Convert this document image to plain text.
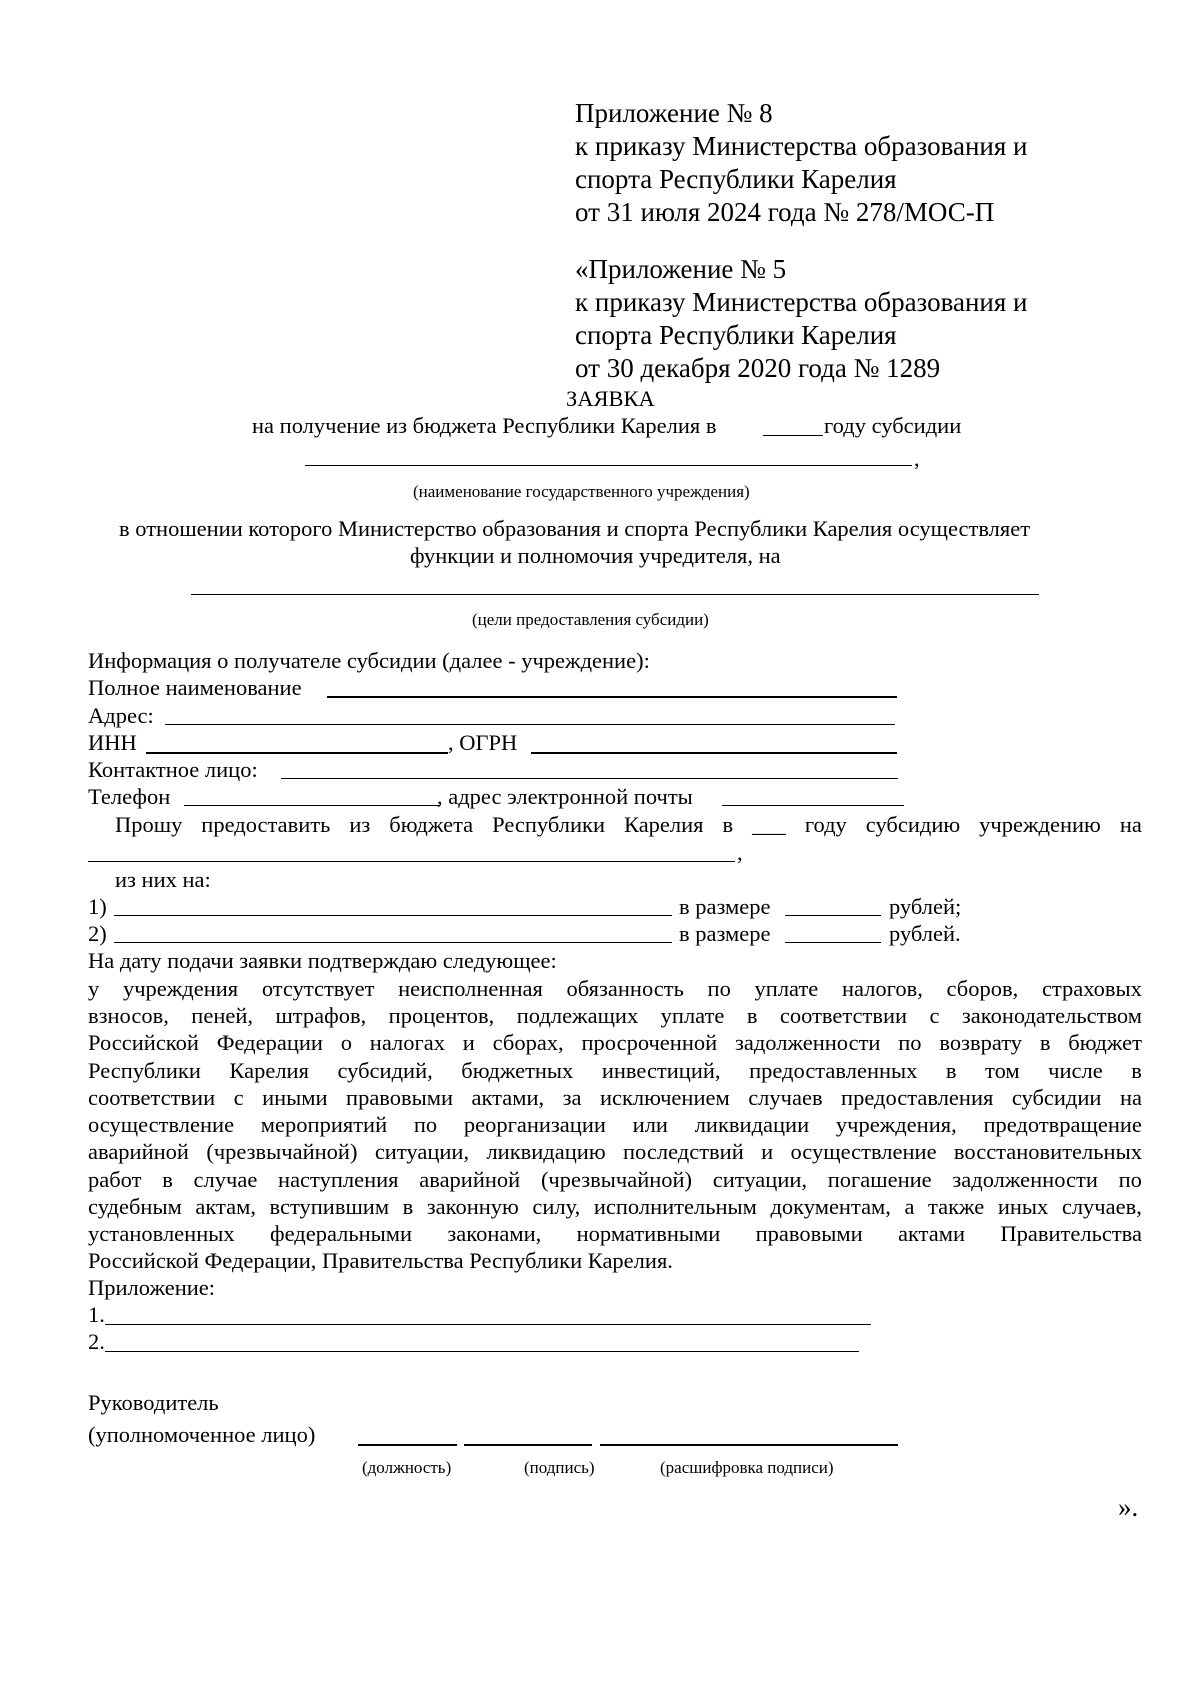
Приложение № 8
к приказу Министерства образования и
спорта Республики Карелия
от 31 июля 2024 года № 278/МОС-П
«Приложение № 5
к приказу Министерства образования и
спорта Республики Карелия
от 30 декабря 2020 года № 1289
ЗАЯВКА
на получение из бюджета Республики Карелия в	году субсидии
,
(наименование государственного учреждения)
в отношении которого Министерство образования и спорта Республики Карелия осуществляет
функции и полномочия учредителя, на
(цели предоставления субсидии)
Информация о получателе субсидии (далее - учреждение):
Полное наименование
Адрес:
ИНН	, ОГРН
Контактное лицо:
Телефон	, адрес электронной почты
Прошу предоставить из бюджета Республики Карелия в ___ году субсидию учреждению на
,
из них на:
1)	в размере	рублей;
2)	в размере	рублей.
На дату подачи заявки подтверждаю следующее:
у учреждения отсутствует неисполненная обязанность по уплате налогов, сборов, страховых
взносов, пеней, штрафов, процентов, подлежащих уплате в соответствии с законодательством
Российской Федерации о налогах и сборах, просроченной задолженности по возврату в бюджет
Республики Карелия субсидий, бюджетных инвестиций, предоставленных в том числе в
соответствии с иными правовыми актами, за исключением случаев предоставления субсидии на
осуществление мероприятий по реорганизации или ликвидации учреждения, предотвращение
аварийной (чрезвычайной) ситуации, ликвидацию последствий и осуществление восстановительных
работ в случае наступления аварийной (чрезвычайной) ситуации, погашение задолженности по
судебным актам, вступившим в законную силу, исполнительным документам, а также иных случаев,
установленных федеральными законами, нормативными правовыми актами Правительства
Российской Федерации, Правительства Республики Карелия.
Приложение:
1.
2.
Руководитель
(уполномоченное лицо)
(должность)	(подпись)	(расшифровка подписи)
».
